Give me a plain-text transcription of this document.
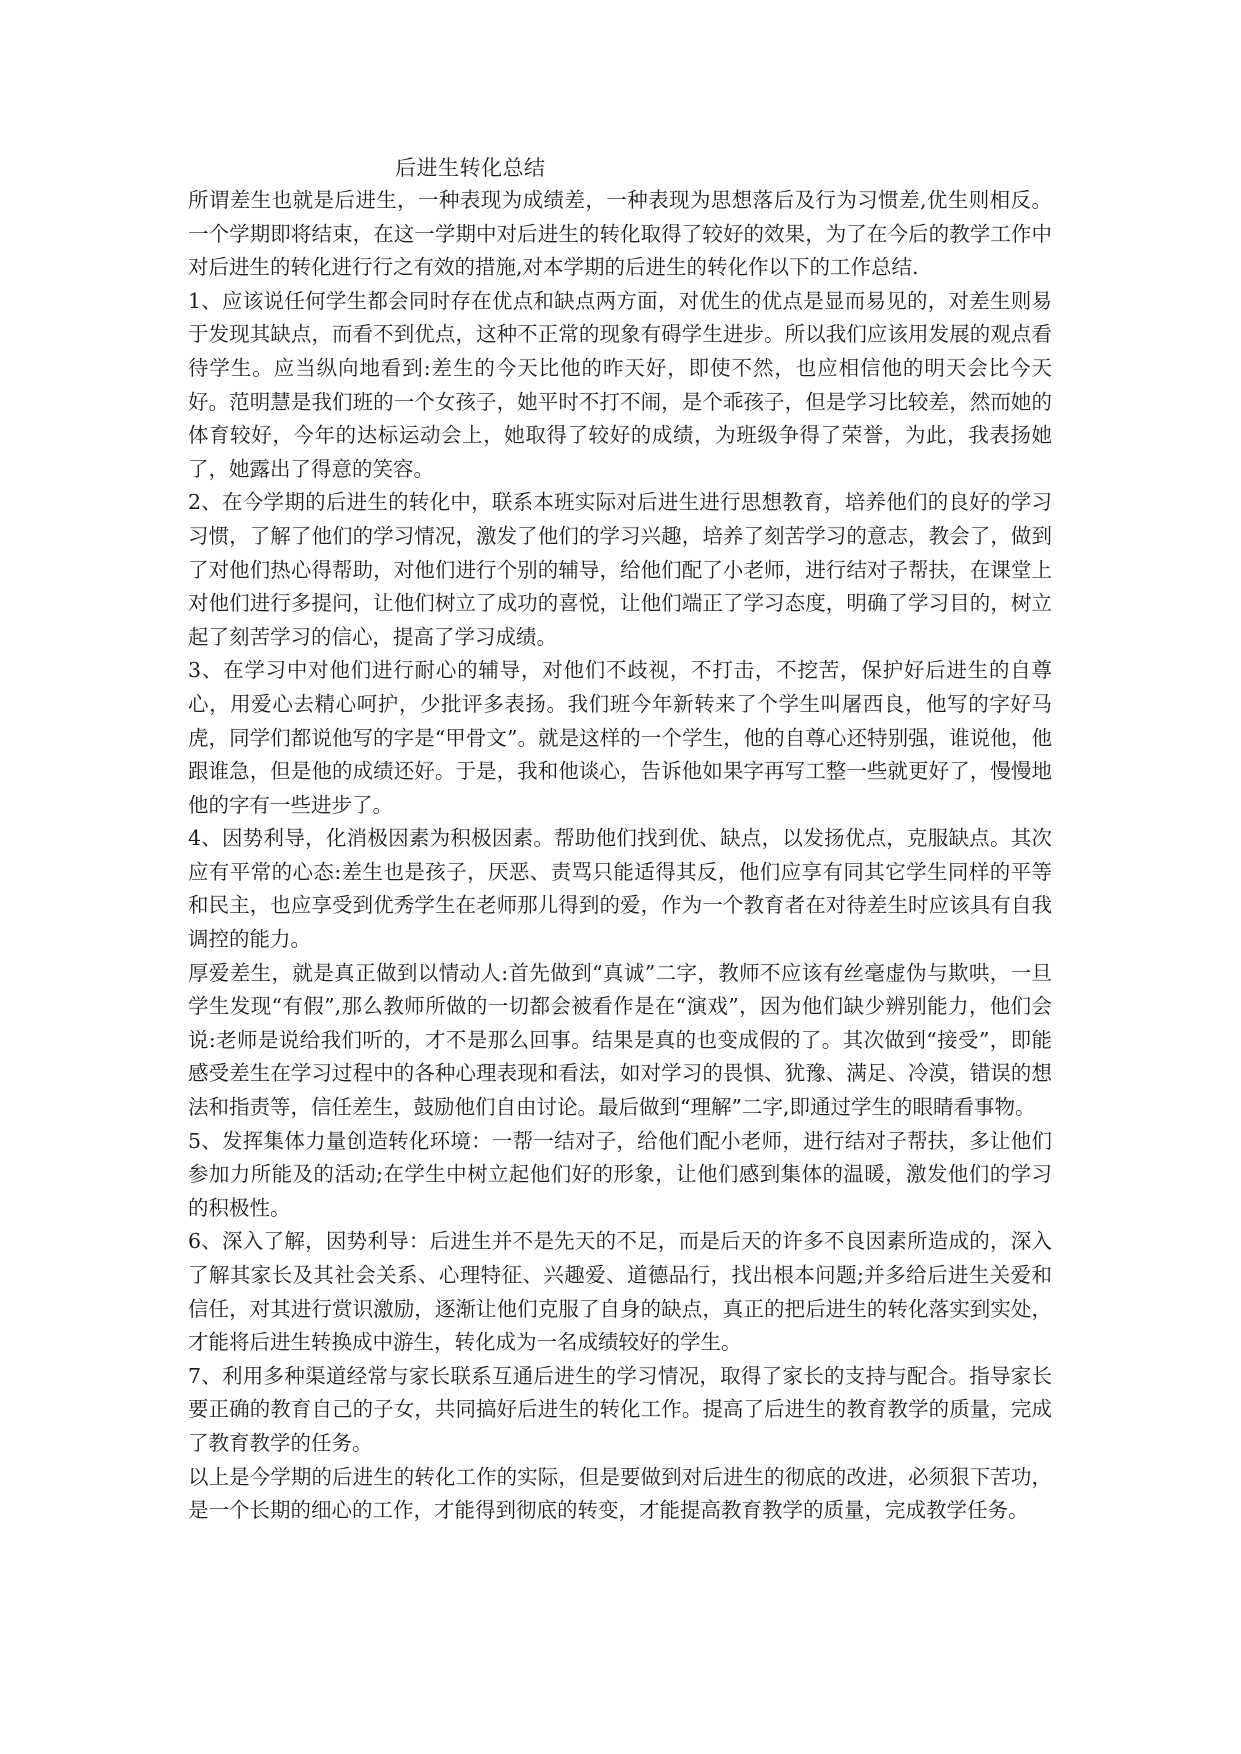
后进生转化总结

所谓差生也就是后进生，一种表现为成绩差，一种表现为思想落后及行为习惯差,优生则相反。一个学期即将结束，在这一学期中对后进生的转化取得了较好的效果，为了在今后的教学工作中对后进生的转化进行行之有效的措施,对本学期的后进生的转化作以下的工作总结.

1、应该说任何学生都会同时存在优点和缺点两方面，对优生的优点是显而易见的，对差生则易于发现其缺点，而看不到优点，这种不正常的现象有碍学生进步。所以我们应该用发展的观点看待学生。应当纵向地看到:差生的今天比他的昨天好，即使不然，也应相信他的明天会比今天好。范明慧是我们班的一个女孩子，她平时不打不闹，是个乖孩子，但是学习比较差，然而她的体育较好，今年的达标运动会上，她取得了较好的成绩，为班级争得了荣誉，为此，我表扬她了，她露出了得意的笑容。

2、在今学期的后进生的转化中，联系本班实际对后进生进行思想教育，培养他们的良好的学习习惯，了解了他们的学习情况，激发了他们的学习兴趣，培养了刻苦学习的意志，教会了，做到了对他们热心得帮助，对他们进行个别的辅导，给他们配了小老师，进行结对子帮扶，在课堂上对他们进行多提问，让他们树立了成功的喜悦，让他们端正了学习态度，明确了学习目的，树立起了刻苦学习的信心，提高了学习成绩。

3、在学习中对他们进行耐心的辅导，对他们不歧视，不打击，不挖苦，保护好后进生的自尊心，用爱心去精心呵护，少批评多表扬。我们班今年新转来了个学生叫屠西良，他写的字好马虎，同学们都说他写的字是“甲骨文”。就是这样的一个学生，他的自尊心还特别强，谁说他，他跟谁急，但是他的成绩还好。于是，我和他谈心，告诉他如果字再写工整一些就更好了，慢慢地他的字有一些进步了。

4、因势利导，化消极因素为积极因素。帮助他们找到优、缺点，以发扬优点，克服缺点。其次应有平常的心态:差生也是孩子，厌恶、责骂只能适得其反，他们应享有同其它学生同样的平等和民主，也应享受到优秀学生在老师那儿得到的爱，作为一个教育者在对待差生时应该具有自我调控的能力。

厚爱差生，就是真正做到以情动人:首先做到“真诚”二字，教师不应该有丝毫虚伪与欺哄，一旦学生发现“有假”,那么教师所做的一切都会被看作是在“演戏”，因为他们缺少辨别能力，他们会说:老师是说给我们听的，才不是那么回事。结果是真的也变成假的了。其次做到“接受”，即能感受差生在学习过程中的各种心理表现和看法，如对学习的畏惧、犹豫、满足、冷漠，错误的想法和指责等，信任差生，鼓励他们自由讨论。最后做到“理解”二字,即通过学生的眼睛看事物。

5、发挥集体力量创造转化环境：一帮一结对子，给他们配小老师，进行结对子帮扶，多让他们参加力所能及的活动;在学生中树立起他们好的形象，让他们感到集体的温暖，激发他们的学习的积极性。

6、深入了解，因势利导：后进生并不是先天的不足，而是后天的许多不良因素所造成的，深入了解其家长及其社会关系、心理特征、兴趣爱、道德品行，找出根本问题;并多给后进生关爱和信任，对其进行赏识激励，逐渐让他们克服了自身的缺点，真正的把后进生的转化落实到实处，才能将后进生转换成中游生，转化成为一名成绩较好的学生。

7、利用多种渠道经常与家长联系互通后进生的学习情况，取得了家长的支持与配合。指导家长要正确的教育自己的子女，共同搞好后进生的转化工作。提高了后进生的教育教学的质量，完成了教育教学的任务。

以上是今学期的后进生的转化工作的实际，但是要做到对后进生的彻底的改进，必须狠下苦功，是一个长期的细心的工作，才能得到彻底的转变，才能提高教育教学的质量，完成教学任务。
